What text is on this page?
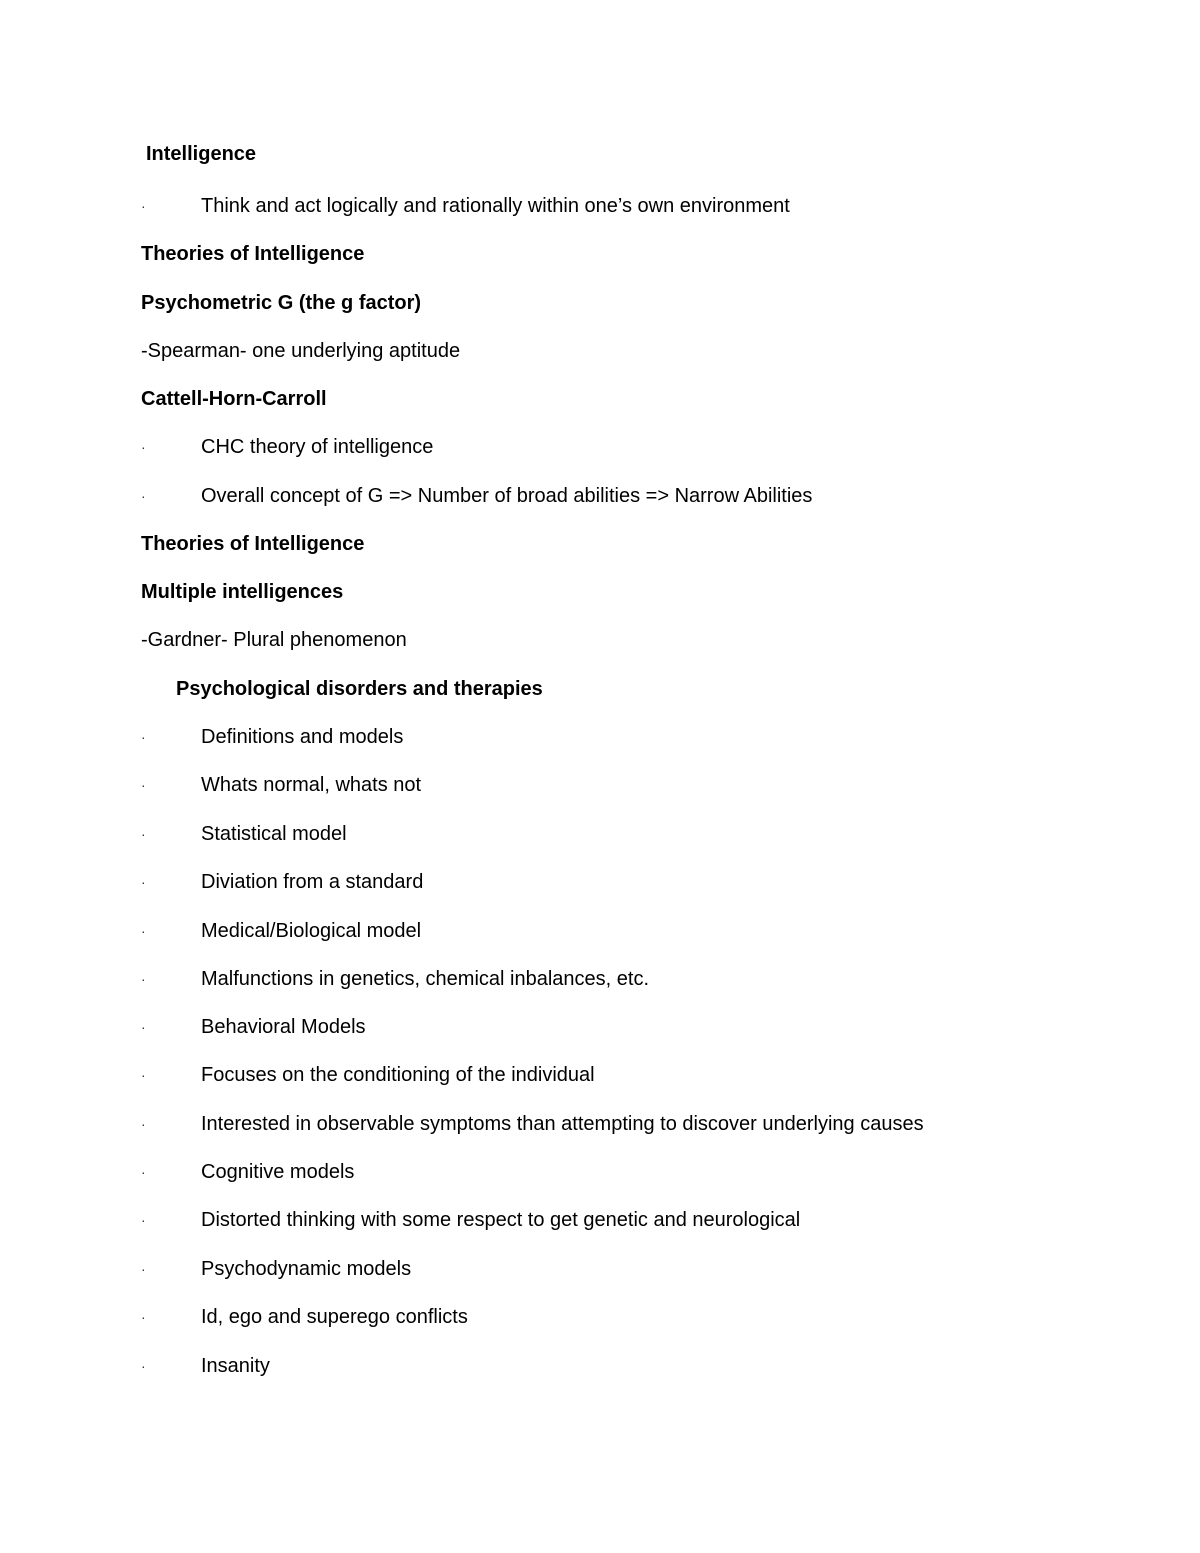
Intelligence
·	Think and act logically and rationally within one’s own environment
Theories of Intelligence
Psychometric G (the g factor)
-Spearman- one underlying aptitude
Cattell-Horn-Carroll
·	CHC theory of intelligence
·	Overall concept of G => Number of broad abilities => Narrow Abilities
Theories of Intelligence
Multiple intelligences
-Gardner- Plural phenomenon
Psychological disorders and therapies
·	Definitions and models
·	Whats normal, whats not
·	Statistical model
·	Diviation from a standard
·	Medical/Biological model
·	Malfunctions in genetics, chemical inbalances, etc.
·	Behavioral Models
·	Focuses on the conditioning of the individual
·	Interested in observable symptoms than attempting to discover underlying causes
·	Cognitive models
·	Distorted thinking with some respect to get genetic and neurological
·	Psychodynamic models
·	Id, ego and superego conflicts
·	Insanity
